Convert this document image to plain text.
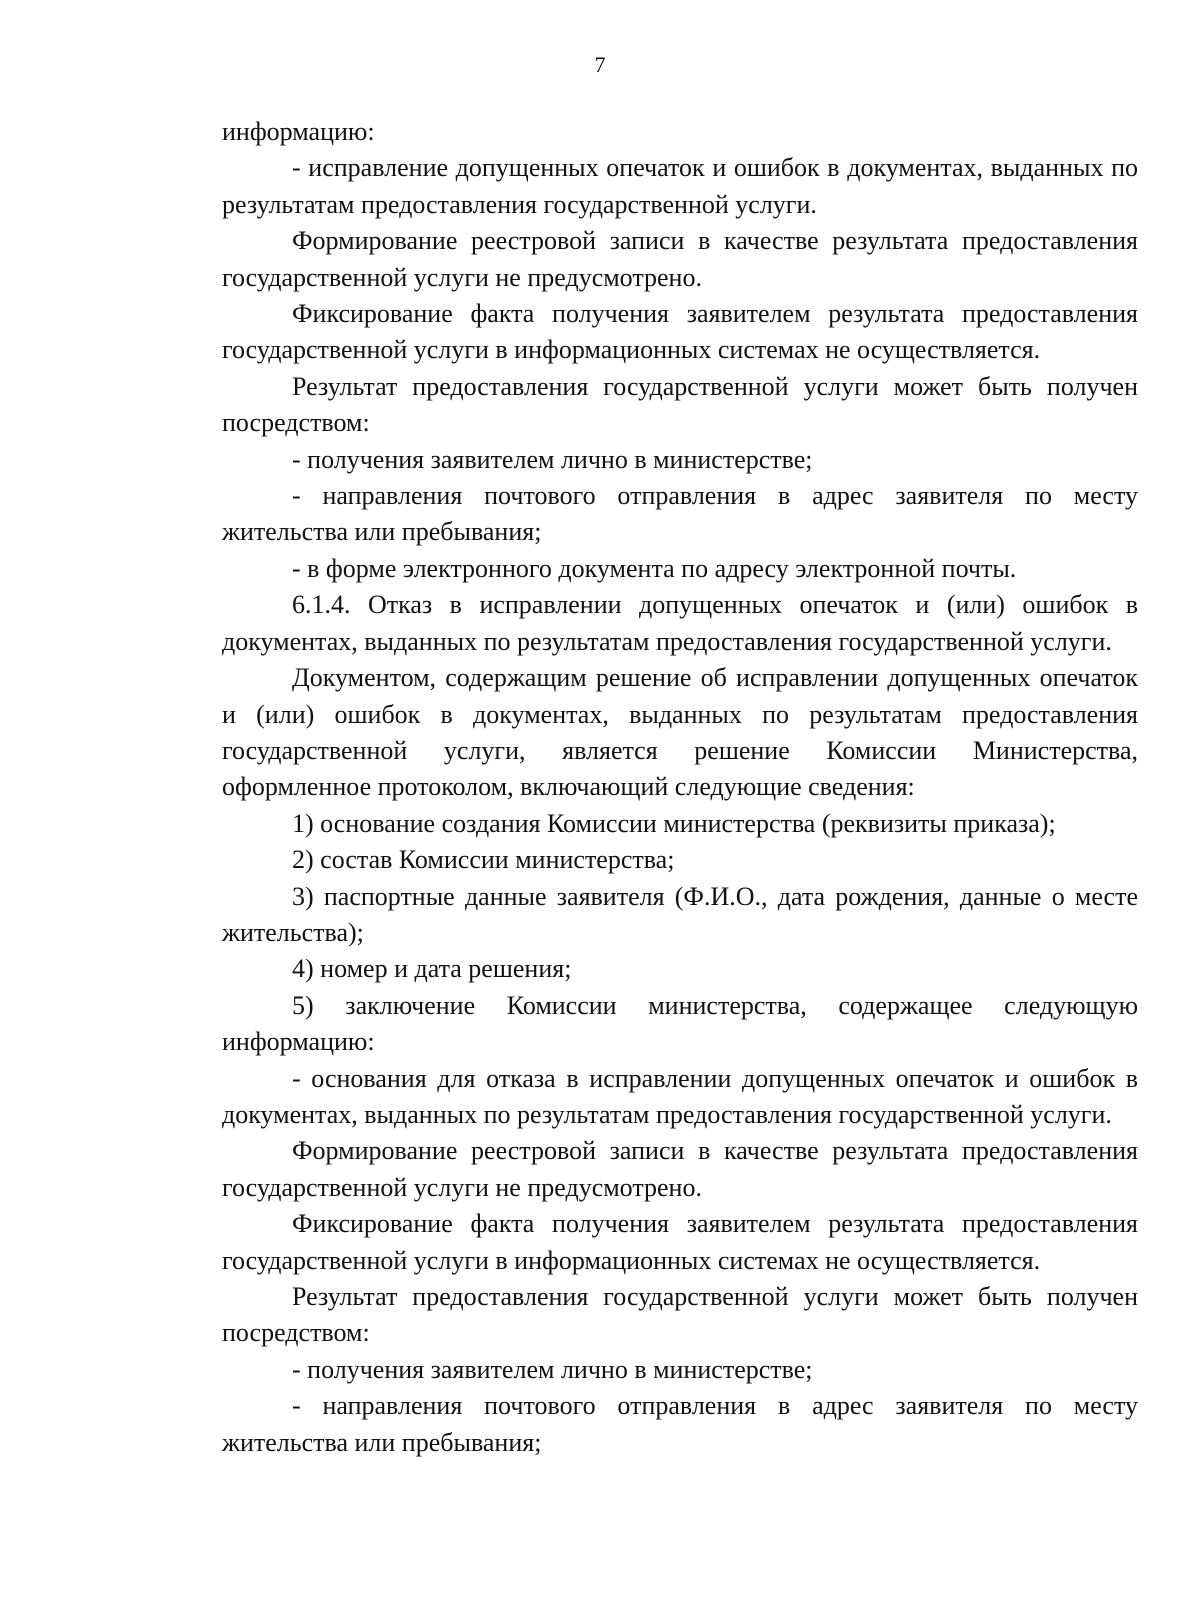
7

информацию:

- исправление допущенных опечаток и ошибок в документах, выданных по результатам предоставления государственной услуги.

Формирование реестровой записи в качестве результата предоставления государственной услуги не предусмотрено.

Фиксирование факта получения заявителем результата предоставления государственной услуги в информационных системах не осуществляется.

Результат предоставления государственной услуги может быть получен посредством:

- получения заявителем лично в министерстве;

- направления почтового отправления в адрес заявителя по месту жительства или пребывания;

- в форме электронного документа по адресу электронной почты.

6.1.4. Отказ в исправлении допущенных опечаток и (или) ошибок в документах, выданных по результатам предоставления государственной услуги.

Документом, содержащим решение об исправлении допущенных опечаток и (или) ошибок в документах, выданных по результатам предоставления государственной услуги, является решение Комиссии Министерства, оформленное протоколом, включающий следующие сведения:

1) основание создания Комиссии министерства (реквизиты приказа);

2) состав Комиссии министерства;

3) паспортные данные заявителя (Ф.И.О., дата рождения, данные о месте жительства);

4) номер и дата решения;

5) заключение Комиссии министерства, содержащее следующую информацию:

- основания для отказа в исправлении допущенных опечаток и ошибок в документах, выданных по результатам предоставления государственной услуги.

Формирование реестровой записи в качестве результата предоставления государственной услуги не предусмотрено.

Фиксирование факта получения заявителем результата предоставления государственной услуги в информационных системах не осуществляется.

Результат предоставления государственной услуги может быть получен посредством:

- получения заявителем лично в министерстве;

- направления почтового отправления в адрес заявителя по месту жительства или пребывания;
